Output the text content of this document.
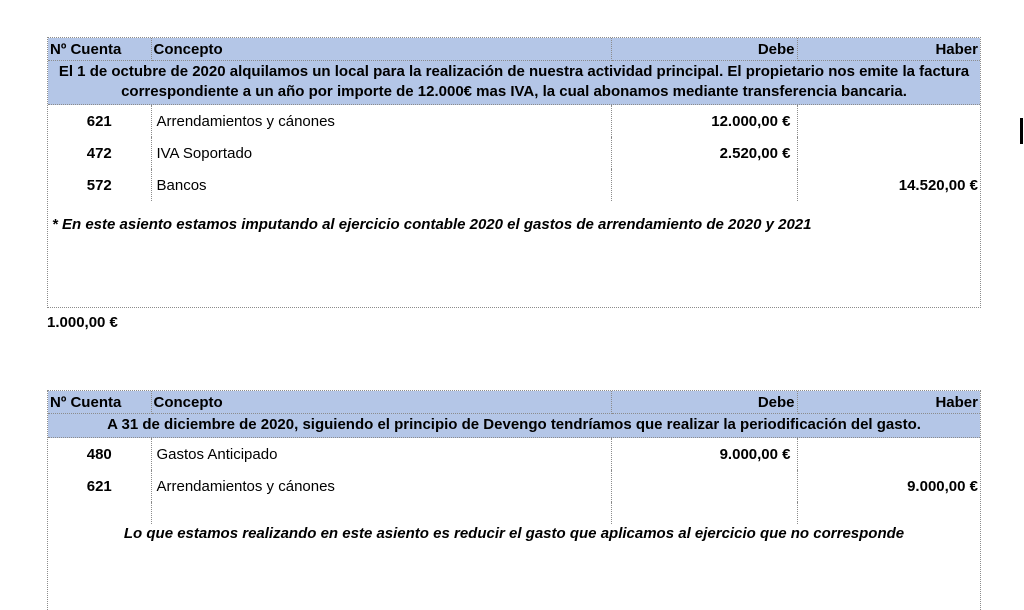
Nº Cuenta	Concepto	Debe	Haber
El 1 de octubre de 2020 alquilamos un local para la realización de nuestra actividad principal. El propietario nos emite la factura correspondiente a un año por importe de 12.000€ mas IVA, la cual abonamos mediante transferencia bancaria.			
621	Arrendamientos y cánones	12.000,00 €	
472	IVA Soportado	2.520,00 €	
572	Bancos		14.520,00 €
* En este asiento estamos imputando al ejercicio contable 2020 el gastos de arrendamiento de 2020 y 2021			
1.000,00 €
Nº Cuenta	Concepto	Debe	Haber
A 31 de diciembre de 2020, siguiendo el principio de Devengo tendríamos que realizar la periodificación del gasto.			
480	Gastos Anticipado	9.000,00 €	
621	Arrendamientos y cánones		9.000,00 €

Lo que estamos realizando en este asiento es reducir el gasto que aplicamos al ejercicio que no corresponde			
